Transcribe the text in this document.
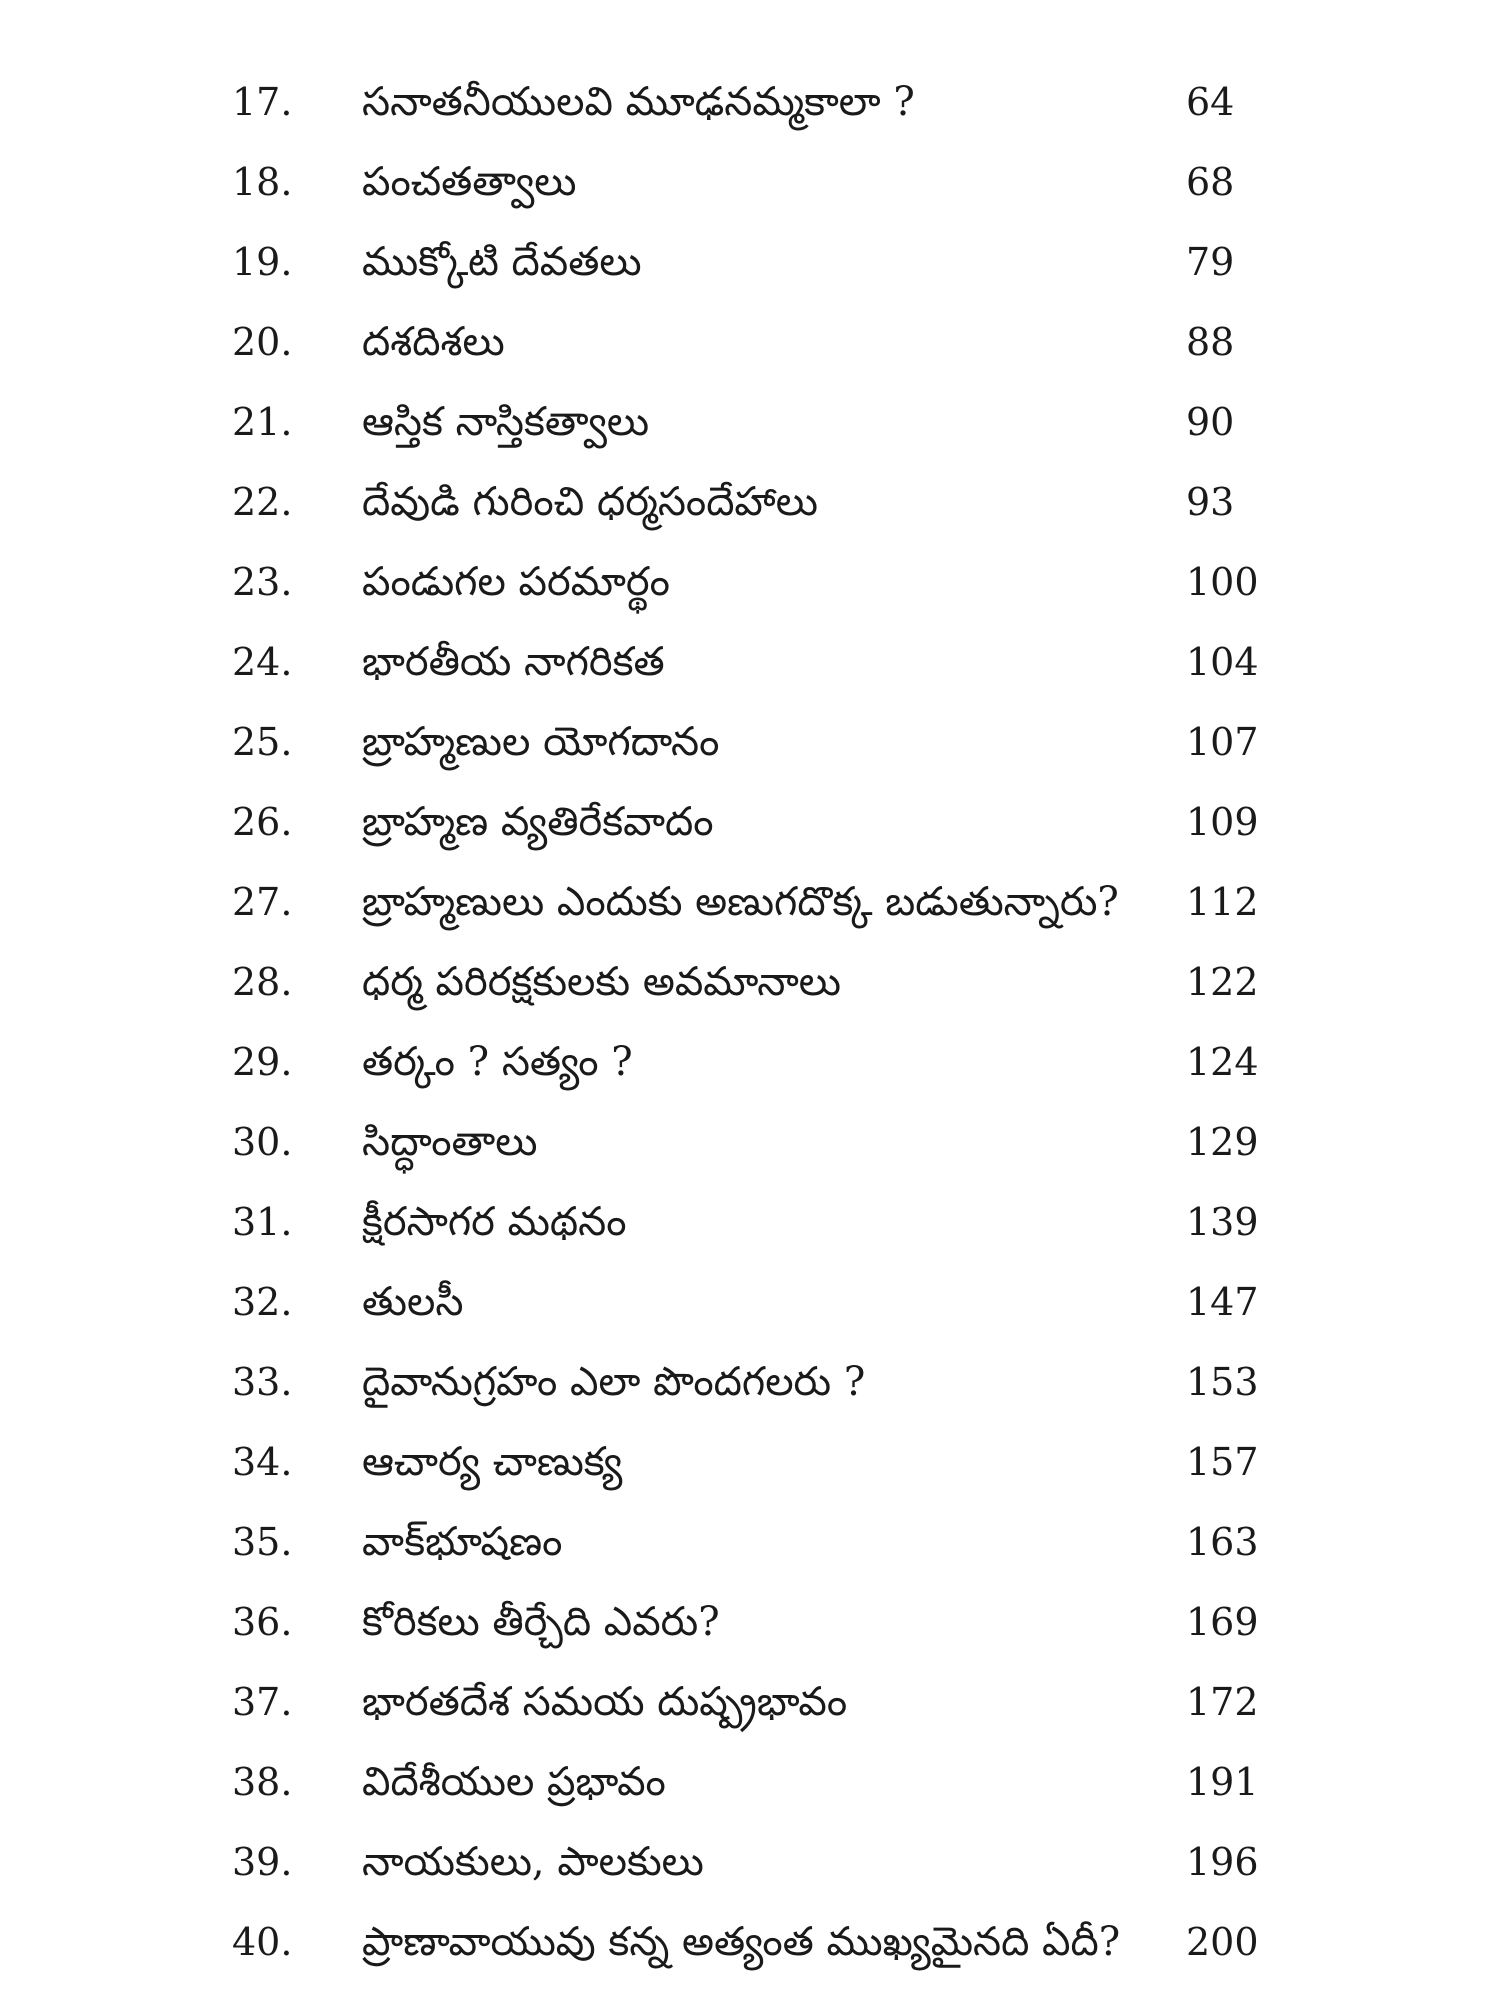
17. సనాతనీయులవి మూఢనమ్మకాలా ?	64
18. పంచతత్వాలు	68
19. ముక్కోటి దేవతలు	79
20. దశదిశలు	88
21. ఆస్తిక నాస్తికత్వాలు	90
22. దేవుడి గురించి ధర్మసందేహాలు	93
23. పండుగల పరమార్థం	100
24. భారతీయ నాగరికత	104
25. బ్రాహ్మణుల యోగదానం	107
26. బ్రాహ్మణ వ్యతిరేకవాదం	109
27. బ్రాహ్మణులు ఎందుకు అణుగదొక్క బడుతున్నారు? 112
28. ధర్మ పరిరక్షకులకు అవమానాలు	122
29. తర్కం ? సత్యం ?	124
30. సిద్ధాంతాలు	129
31. క్షీరసాగర మథనం	139
32. తులసీ	147
33. దైవానుగ్రహం ఎలా పొందగలరు ?	153
34. ఆచార్య చాణుక్య	157
35. వాక్‌భూషణం	163
36. కోరికలు తీర్చేది ఎవరు?	169
37. భారతదేశ సమయ దుష్ప్రభావం	172
38. విదేశీయుల ప్రభావం	191
39. నాయకులు, పాలకులు	196
40. ప్రాణావాయువు కన్న అత్యంత ముఖ్యమైనది ఏదీ? 200
